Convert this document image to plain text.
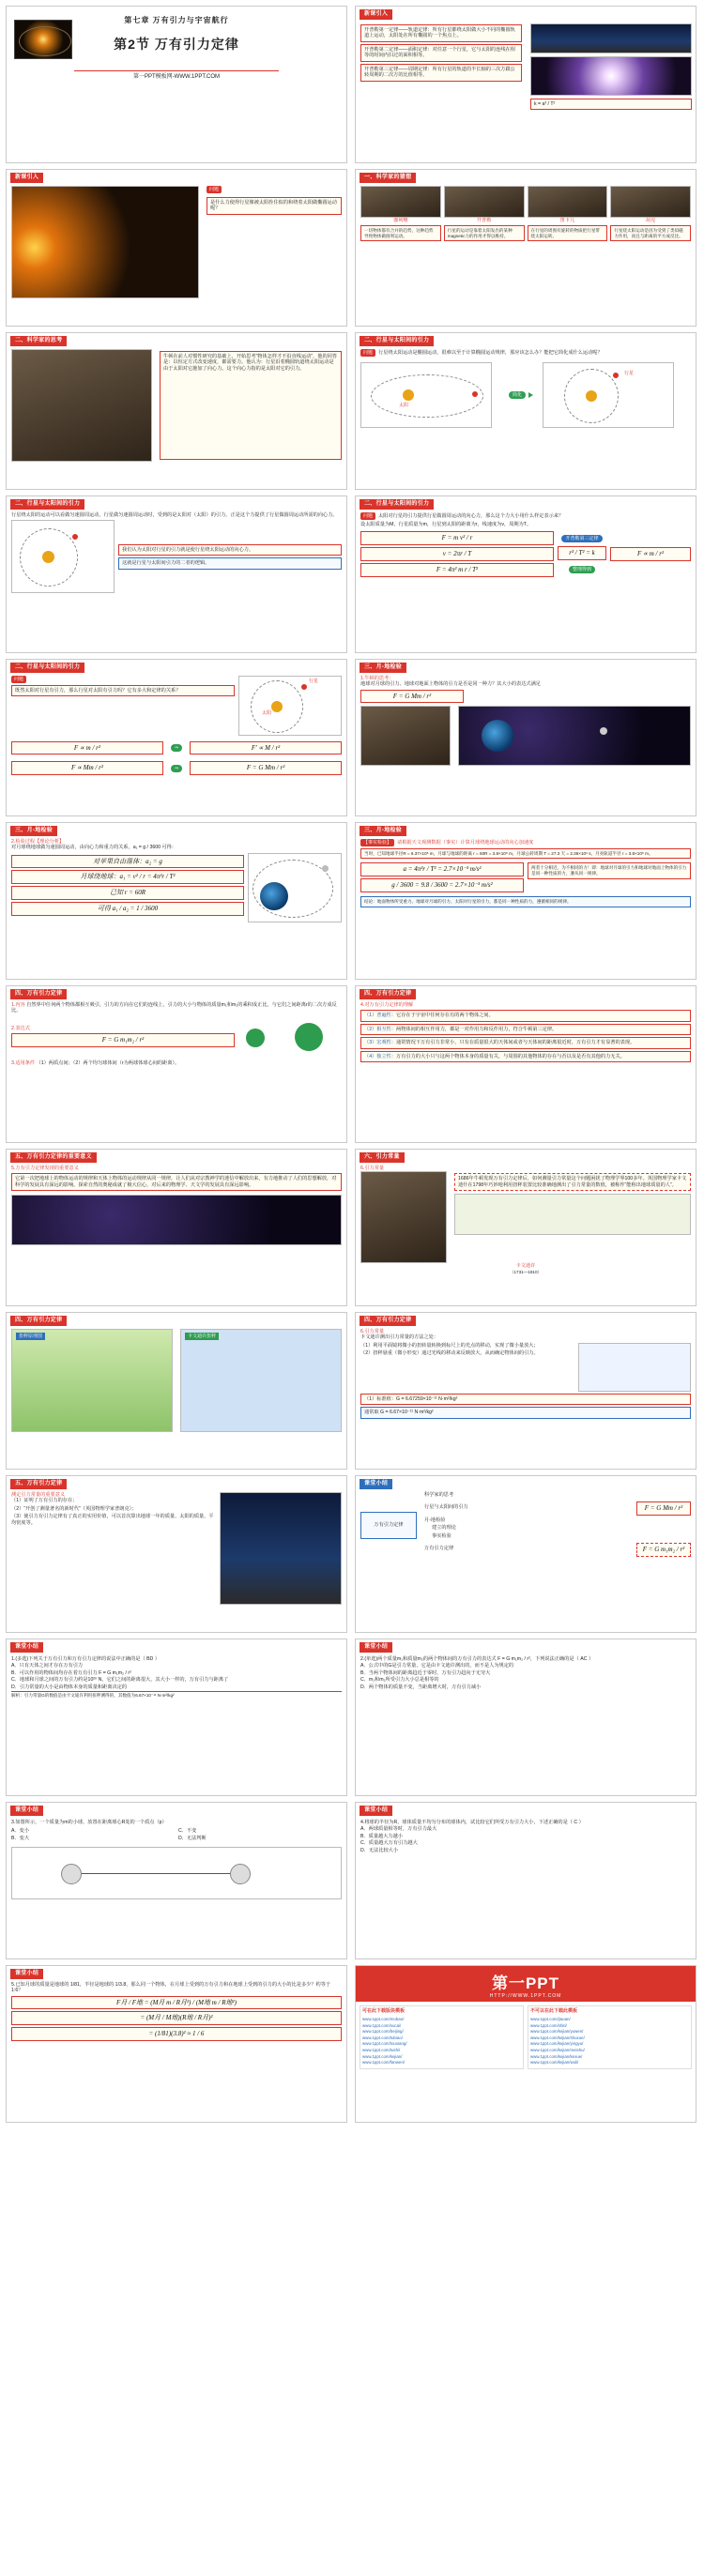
第七章 万有引力与宇宙航行
第2节 万有引力定律
第一PPT模板网-WWW.1PPT.COM
新课引入
开普勒第一定律——轨道定律：所有行星都绕太阳做大小不同的椭圆轨道上运动，太阳处在所有椭圆的一个焦点上。
开普勒第二定律——面积定律：对任意一个行星，它与太阳的连线在相等的时间内扫过的面积相等。
开普勒第三定律——周期定律：所有行星的轨道的半长轴的三次方跟公转周期的二次方的比值相等。
k = a³ / T²
新课引入
问题
是什么力使得行星像被太阳拴住似的和绕着太阳做椭圆运动呢？
一、科学家的猜想
伽利略
一切物体都有合并的趋势，这种趋势导致物体做圆周运动。
开普勒
行星的运动是靠着太阳发出的某种magnetic力的作用才得以维持。
笛卡儿
在行星的周围有旋转的物质把行星带绕太阳运转。
胡克
行星绕太阳运动是因为受到了类似磁力作用，而且与距离的平方成反比。
二、科学家的思考
牛顿在前人对惯性研究的基础上，开始思考“物体怎样才不沿直线运动”，他的回答是：以恒定方式改变速度，都需要力。他认为：行星沿着椭圆轨道绕太阳运动是由于太阳对它施加了向心力。这个向心力指的是太阳对它的引力。
二、行星与太阳间的引力
问题 行星绕太阳运动是椭圆运动，很难以至于计算椭圆运动规律，那应该怎么办？能把它简化成什么运动呢？
太阳
简化
行星
二、行星与太阳间的引力
行星绕太阳的运动可以看做匀速圆周运动，行星做匀速圆周运动时，受到的是太阳对（太阳）的引力，正是这个力提供了行星做圆周运动所需的向心力。
我们认为太阳对行星的引力就是使行星绕太阳运动的向心力。
这就是行星与太阳间引力的二者的逻辑。
二、行星与太阳间的引力
问题 太阳对行星的引力提供行星做圆周运动的向心力，那么这个力大小用什么样定表示来？
设太阳质量为M，行星质量为m，行星到太阳的距离为r，线速度为v，周期为T。
F = m v² / r
v = 2πr / T
F = 4π² m r / T²
开普勒第三定律
r³ / T² = k
整理得到
F ∝ m / r²
二、行星与太阳间的引力
问题
既然太阳对行星有引力，那么行星对太阳有引力吗？它有多大和定律的关系？
太阳
行星
F ∝ m / r²	⇒	F′ ∝ M / r²
F ∝ Mm / r²	⇒	F = G Mm / r²
三、月-地检验
1.牛顿的思考：
地球对月球的引力、地球对地面上物体的引力是否是同一种力？其大小的表达式满足
F = G Mm / r²
三、月-地检验
2.检验过程【理论分析】
对月球绕地球做匀速圆周运动，由向心力和重力的关系，a₁ = g / 3600 可得：
对苹果自由落体：a₂ = g
月球绕地球：a₁ = v² / r = 4π²r / T²
已知 r = 60R
可得 a₁ / a₂ = 1 / 3600
三、月-地检验
【事实检验】 请根据天文观测数据（事实）计算月球绕地球运动的向心加速度
当时，已知地球半径R = 6.37×10⁶ m，月球与地球的距离 r = 60R = 3.8×10⁸ m，月球公转周期 T = 27.3 天 = 2.36×10⁶ s，月亮轨道半径 r = 3.8×10⁸ m。
a = 4π²r / T² = 2.7×10⁻³ m/s²
g / 3600 = 9.8 / 3600 = 2.7×10⁻³ m/s²
两者十分相近，为不相同的力！即：地球对月球的引力和地球对地面上物体的引力是同一种性质的力，遵从同一规律。
结论：地面物体所受重力、地球对月球的引力、太阳对行星的引力，都是同一种性质的力，遵循相同的规律。
四、万有引力定律
1.内容 自然界中任何两个物体都相互吸引，引力的方向在它们的连线上，引力的大小与物体的质量m₁和m₂的乘积成正比，与它们之间距离r的二次方成反比。
2.表达式
F = G m₁m₂ / r²
3.适用条件 （1）两质点间；（2）两个均匀球体间（r为两球体球心间的距离）。
四、万有引力定律
4.对万有引力定律的理解
（1）普遍性：它存在于宇宙中任何存在有的两个物体之间。
（2）相互性：两物体间的相互作用力，都是一对作用力和反作用力，符合牛顿第三定律。
（3）宏观性：通常情况下万有引力非常小，只有在质量很大的天体间或者与天体间的距离很近时，万有引力才有显著的表现。
（4）独立性：万有引力的大小只与这两个物体本身的质量有关，与周围的其他物体的存在与否以及是否有其他的力无关。
五、万有引力定律的重要意义
5.万有引力定律发现的重要意义
它第一次把地球上的物体运动的规律和天体上物体的运动规律从同一规律，让人们从对宗教神学的迷信中解放出来，有力地推动了人们的思想解放，对科学的发展具有深远的影响。探索自然的奥秘成就了极大信心，对后来的物理学、天文学的发展具有深远影响。
六、引力常量
6.引力常量
1686年牛顿发现万有引力定律后，如何测量引力常量这个问题困扰了物理学界100多年。英国物理学家卡文迪什在1798年巧妙地利用扭秤装置比较准确地测出了引力常量的数值，被称作“能称出地球质量的人”。
卡文迪许
（1731—1810）
四、万有引力定律
扭秤原理图	卡文迪许扭秤
四、万有引力定律
6.引力常量
卡文迪许测出引力常量的方法之处：
（1）利用平面镜将微小的扭转量转换到标尺上的光点的移动，实现了微小量放大；
（2）扭秤悬重（微小形变）通过光线的移动来反映放大，从而确定物体间的引力。
（1）标准值：G = 6.67259×10⁻¹¹ N·m²/kg²
通常取 G = 6.67×10⁻¹¹ N·m²/kg²
五、万有引力定律
测定引力常量的重要意义
（1）证明了万有引力的存在；
（2）“开创了测量著名的新时代”（英国物理学家普朗克）；
（3）使引力有引力定律有了真正的实用价值，可以首次算出地球一年的质量、太阳的质量、平均密度等。
课堂小结
万有引力定律
科学家的思考
行星与太阳间的引力	F = G Mm / r²
月-地检验
建立的理论
事实检验
万有引力定律	F = G m₁m₂ / r²
课堂小结
1.(多选)下列关于万有引力和万有引力定律的说法中正确的是（ BD ）
A．只有天体之间才存在万有引力
B．可以作用的物体间均存在着万有引力 F = G m₁m₂ / r²
C．地球和月球之间的万有引力约是10²⁰ N，它们之间的距离很大，其大小一样的，万有引力与距离了
D．引力常量的大小是由物体本身的质量和距离决定的
解析：引力常量G的数值是由卡文迪许利用扭秤测得的，其数值为6.67×10⁻¹¹ N·m²/kg²
课堂小结
2.(单选)两个质量m₁和质量m₂的两个物体间的万有引力的表达式 F = G m₁m₂ / r²，下列说法正确的是（ AC ）
A．公式中的G是引力常量，它是由卡文迪许测出的，而不是人为规定的
B．当两个物体间的距离趋近于零时，万有引力趋向于无穷大
C．m₁和m₂所受引力大小总是相等的
D．两个物体的质量不变，当距离增大时，万有引力减小
课堂小结
3.如图所示，一个质量为m的小球，放置在距离球心R处的一个质点（p）
A．变小
B．变大
C．不变
D．无法判断
课堂小结
4.将球的半径为R，球体质量不均匀分布的球体内，试比较它们所受万有引力大小，下述正确的是（ C ）
A．两球质量相等时，万有引力最大
B．质量越大力越小
C．质量越大万有引力越大
D．无法比较大小
课堂小结
5.已知月球的质量是地球的 1/81，半径是地球的 1/3.8，那么同一个物体，在月球上受到的万有引力和在地球上受到的引力的大小的比是多少？约等于1:6？
F月 / F地 = (M月 m / R月²) / (M地 m / R地²)
= (M月 / M地)(R地 / R月)²
= (1/81)(3.8)² ≈ 1 / 6
第一PPT
HTTP://WWW.1PPT.COM
可在此下载版块模板
www.1ppt.com/moban/
www.1ppt.com/sucai/
www.1ppt.com/beijing/
www.1ppt.com/tubiao/
www.1ppt.com/touxiang/
www.1ppt.com/tushi/
www.1ppt.com/kejian/
www.1ppt.com/fanwen/
不可以在此下载此模板
www.1ppt.com/jiaoan/
www.1ppt.com/shiti/
www.1ppt.com/kejian/yuwen/
www.1ppt.com/kejian/shuxue/
www.1ppt.com/kejian/yingyu/
www.1ppt.com/kejian/meishu/
www.1ppt.com/kejian/kexue/
www.1ppt.com/kejian/wuli/
